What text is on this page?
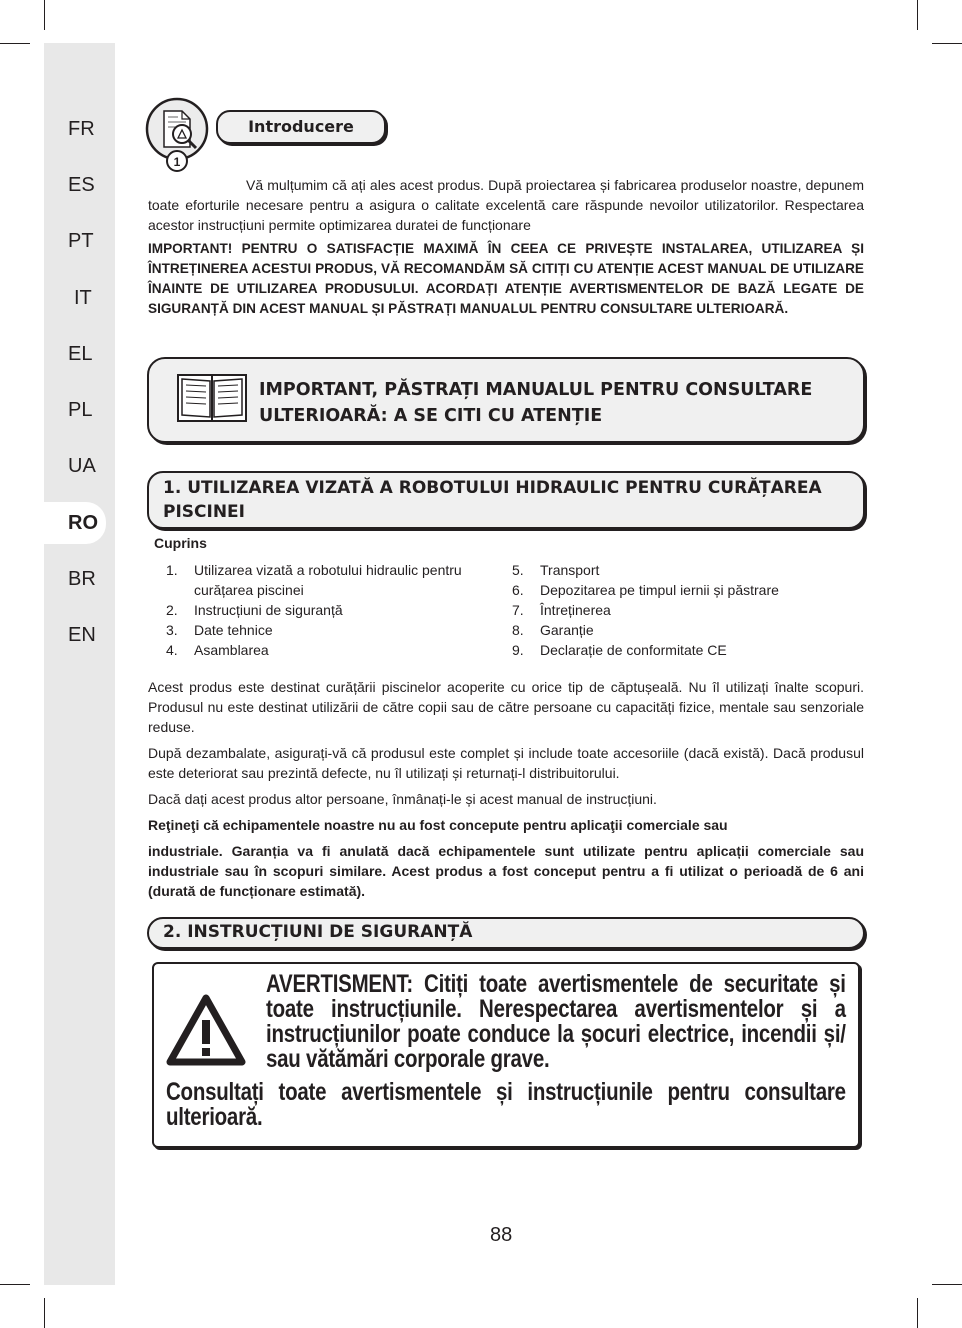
FR
ES
PT
IT
EL
PL
UA
RO
BR
EN
1
Introducere
Vă mulțumim că ați ales acest produs. După proiectarea și fabricarea produselor noastre, depunem toate eforturile necesare pentru a asigura o calitate excelentă care răspunde nevoilor utilizatorilor. Respectarea acestor instrucțiuni permite optimizarea duratei de funcționare
IMPORTANT! PENTRU O SATISFACȚIE MAXIMĂ ÎN CEEA CE PRIVEȘTE INSTALAREA, UTILIZAREA ȘI ÎNTREȚINEREA ACESTUI PRODUS, VĂ RECOMANDĂM SĂ CITIȚI CU ATENȚIE ACEST MANUAL DE UTILIZARE ÎNAINTE DE UTILIZAREA PRODUSULUI. ACORDAȚI ATENȚIE AVERTISMENTELOR DE BAZĂ LEGATE DE SIGURANȚĂ DIN ACEST MANUAL ȘI PĂSTRAȚI MANUALUL PENTRU CONSULTARE ULTERIOARĂ.
IMPORTANT, PĂSTRAȚI MANUALUL PENTRU CONSULTARE
ULTERIOARĂ: A SE CITI CU ATENȚIE
1. UTILIZAREA VIZATĂ A ROBOTULUI HIDRAULIC PENTRU CURĂȚAREA PISCINEI
Cuprins
1. Utilizarea vizată a robotului hidraulic pentru curățarea piscinei
2. Instrucțiuni de siguranță
3. Date tehnice
4. Asamblarea
5. Transport
6. Depozitarea pe timpul iernii și păstrare
7. Întreținerea
8. Garanție
9. Declarație de conformitate CE
Acest produs este destinat curățării piscinelor acoperite cu orice tip de căptușeală. Nu îl utilizați înalte scopuri. Produsul nu este destinat utilizării de către copii sau de către persoane cu capacități fizice, mentale sau senzoriale reduse.
După dezambalate, asigurați-vă că produsul este complet și include toate accesoriile (dacă există). Dacă produsul este deteriorat sau prezintă defecte, nu îl utilizați și returnați-l distribuitorului.
Dacă dați acest produs altor persoane, înmânați-le și acest manual de instrucțiuni.
Reţineţi că echipamentele noastre nu au fost concepute pentru aplicaţii comerciale sau
industriale. Garanția va fi anulată dacă echipamentele sunt utilizate pentru aplicații comerciale sau industriale sau în scopuri similare. Acest produs a fost conceput pentru a fi utilizat o perioadă de 6 ani (durată de funcționare estimată).
2. INSTRUCȚIUNI DE SIGURANȚĂ
AVERTISMENT: Citiți toate avertismentele de securitate și toate instrucțiunile. Nerespectarea avertismentelor și a instrucțiunilor poate conduce la șocuri electrice, incendii și/ sau vătămări corporale grave.
Consultați toate avertismentele și instrucțiunile pentru consultare ulterioară.
88
